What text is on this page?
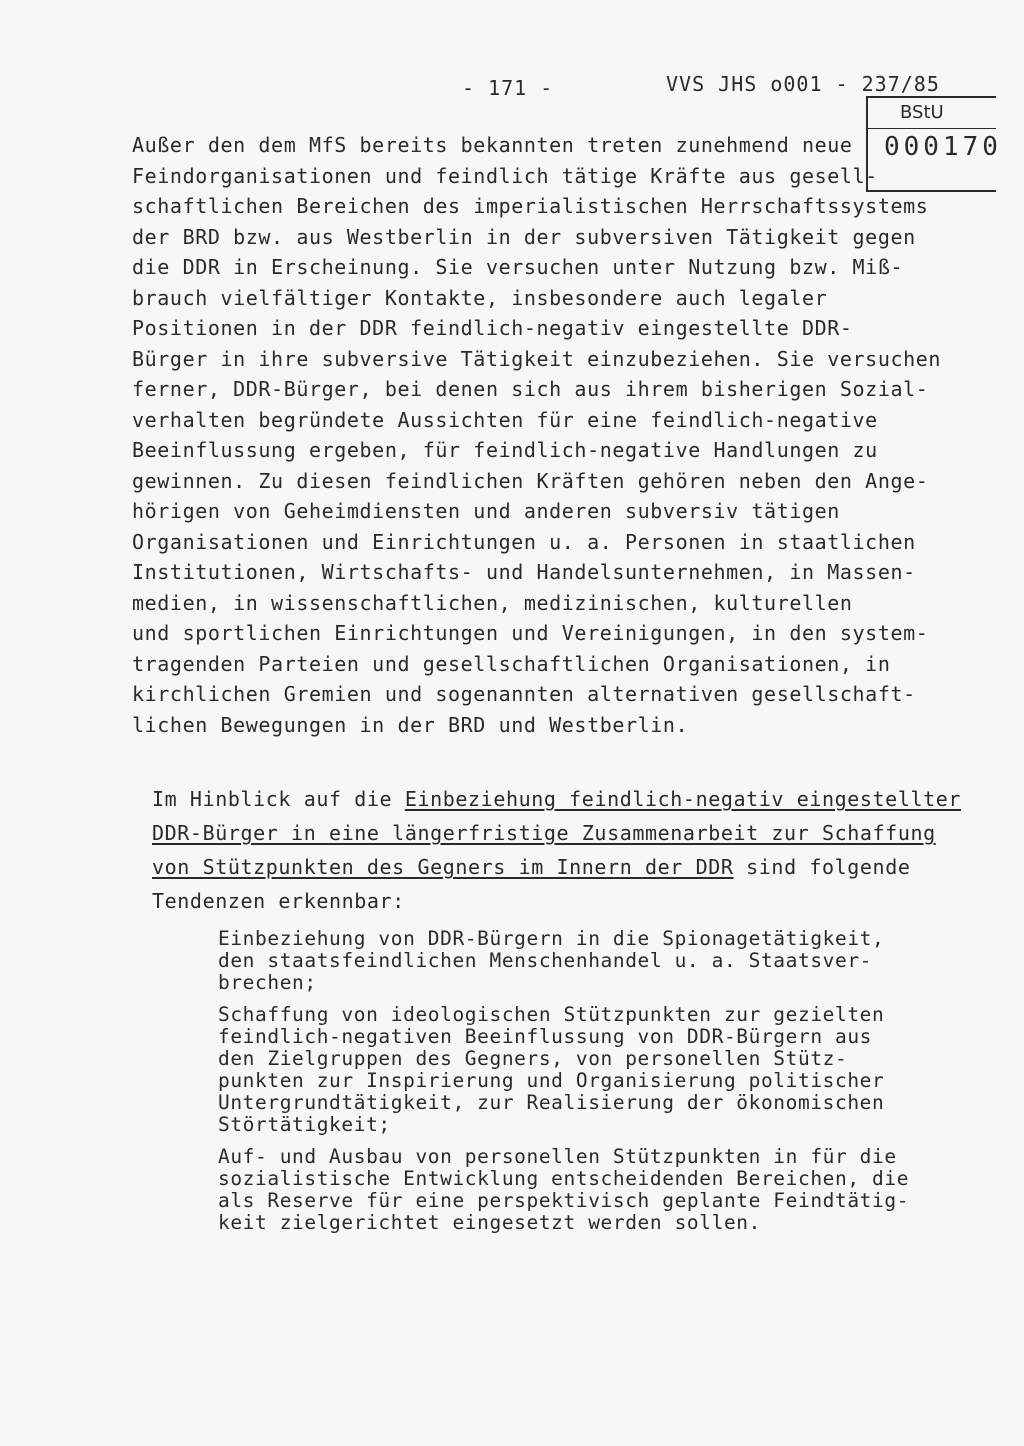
- 171 -	VVS JHS o001 - 237/85
BStU
000170
Außer den dem MfS bereits bekannten treten zunehmend neue
Feindorganisationen und feindlich tätige Kräfte aus gesell-
schaftlichen Bereichen des imperialistischen Herrschaftssystems
der BRD bzw. aus Westberlin in der subversiven Tätigkeit gegen
die DDR in Erscheinung. Sie versuchen unter Nutzung bzw. Miß-
brauch vielfältiger Kontakte, insbesondere auch legaler
Positionen in der DDR feindlich-negativ eingestellte DDR-
Bürger in ihre subversive Tätigkeit einzubeziehen. Sie versuchen
ferner, DDR-Bürger, bei denen sich aus ihrem bisherigen Sozial-
verhalten begründete Aussichten für eine feindlich-negative
Beeinflussung ergeben, für feindlich-negative Handlungen zu
gewinnen. Zu diesen feindlichen Kräften gehören neben den Ange-
hörigen von Geheimdiensten und anderen subversiv tätigen
Organisationen und Einrichtungen u. a. Personen in staatlichen
Institutionen, Wirtschafts- und Handelsunternehmen, in Massen-
medien, in wissenschaftlichen, medizinischen, kulturellen
und sportlichen Einrichtungen und Vereinigungen, in den system-
tragenden Parteien und gesellschaftlichen Organisationen, in
kirchlichen Gremien und sogenannten alternativen gesellschaft-
lichen Bewegungen in der BRD und Westberlin.
Im Hinblick auf die Einbeziehung feindlich-negativ eingestellter
DDR-Bürger in eine längerfristige Zusammenarbeit zur Schaffung
von Stützpunkten des Gegners im Innern der DDR sind folgende
Tendenzen erkennbar:
Einbeziehung von DDR-Bürgern in die Spionagetätigkeit,
den staatsfeindlichen Menschenhandel u. a. Staatsver-
brechen;
Schaffung von ideologischen Stützpunkten zur gezielten
feindlich-negativen Beeinflussung von DDR-Bürgern aus
den Zielgruppen des Gegners, von personellen Stütz-
punkten zur Inspirierung und Organisierung politischer
Untergrundtätigkeit, zur Realisierung der ökonomischen
Störtätigkeit;
Auf- und Ausbau von personellen Stützpunkten in für die
sozialistische Entwicklung entscheidenden Bereichen, die
als Reserve für eine perspektivisch geplante Feindtätig-
keit zielgerichtet eingesetzt werden sollen.
